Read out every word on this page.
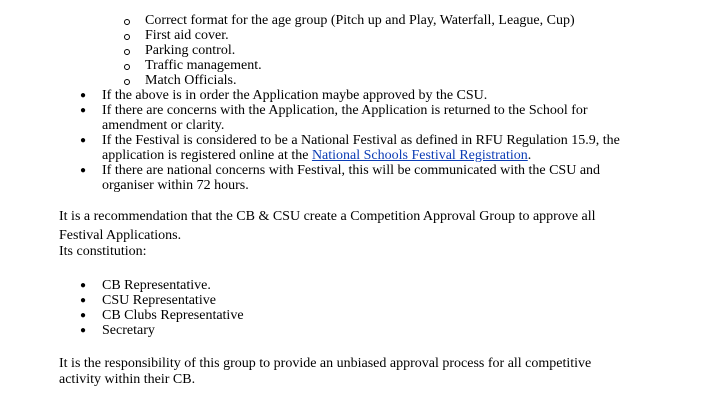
Correct format for the age group (Pitch up and Play, Waterfall, League, Cup)
First aid cover.
Parking control.
Traffic management.
Match Officials.
● If the above is in order the Application maybe approved by the CSU.
● If there are concerns with the Application, the Application is returned to the School for
amendment or clarity.
● If the Festival is considered to be a National Festival as defined in RFU Regulation 15.9, the
application is registered online at the National Schools Festival Registration.
● If there are national concerns with Festival, this will be communicated with the CSU and
organiser within 72 hours.
It is a recommendation that the CB & CSU create a Competition Approval Group to approve all
Festival Applications.
Its constitution:
● CB Representative.
● CSU Representative
● CB Clubs Representative
● Secretary
It is the responsibility of this group to provide an unbiased approval process for all competitive
activity within their CB.
